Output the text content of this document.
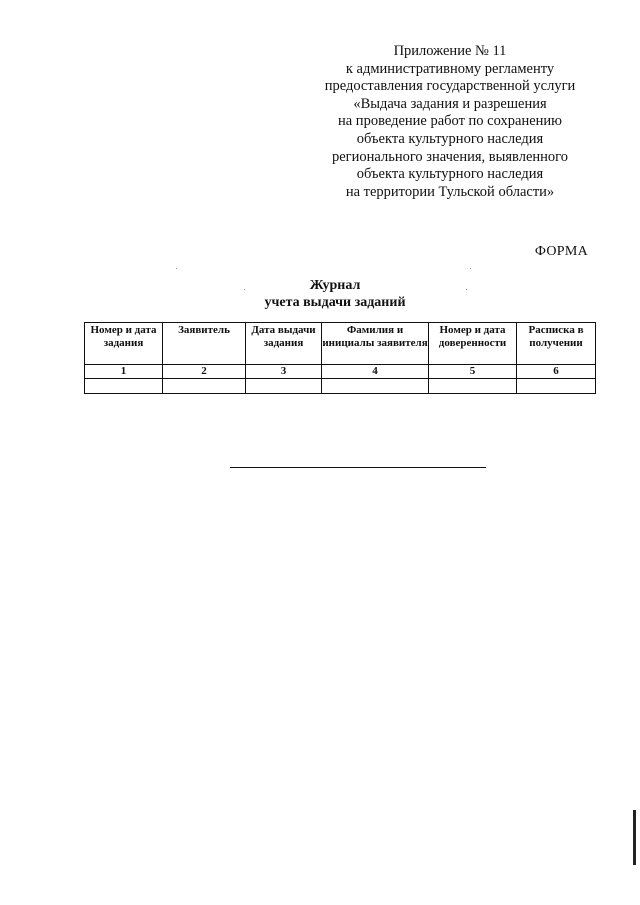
Приложение № 11
к административному регламенту
предоставления государственной услуги
«Выдача задания и разрешения
на проведение работ по сохранению
объекта культурного наследия
регионального значения, выявленного
объекта культурного наследия
на территории Тульской области»
ФОРМА
Журнал
учета выдачи заданий
Номер и дата задания	Заявитель	Дата выдачи задания	Фамилия и инициалы заявителя	Номер и дата доверенности	Расписка в получении
1	2	3	4	5	6
